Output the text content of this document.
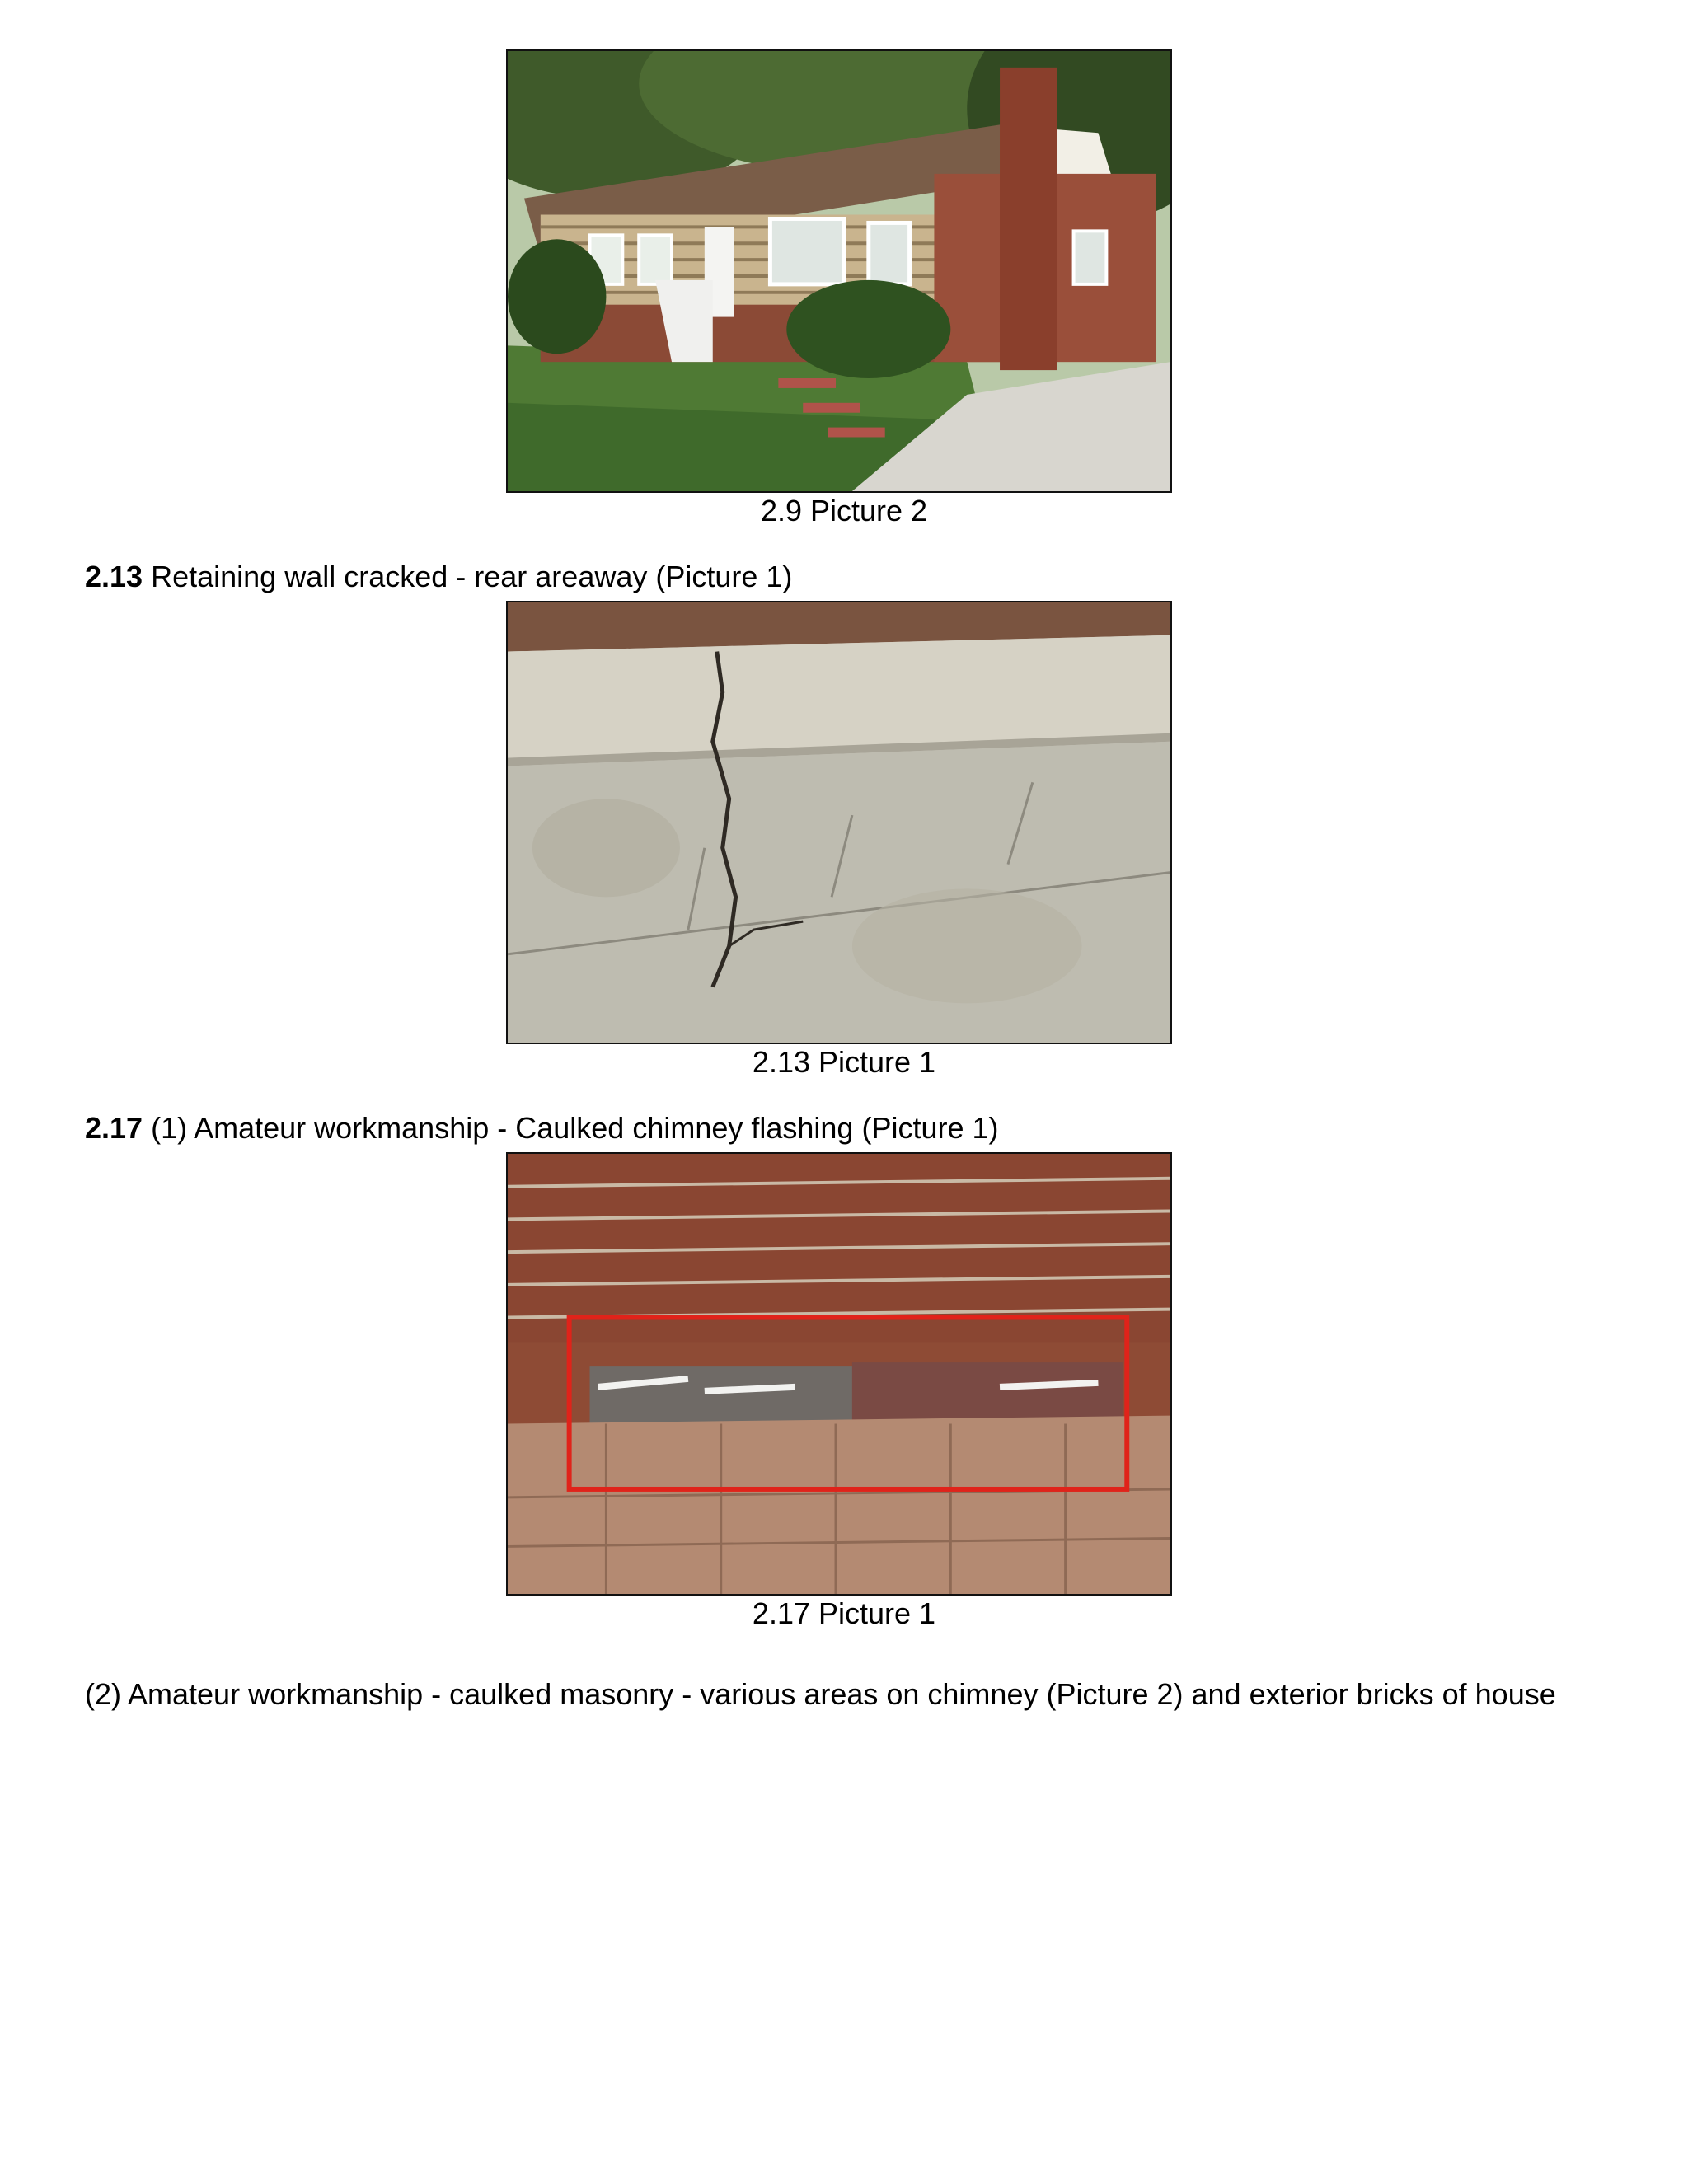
2.9 Picture 2
2.13 Retaining wall cracked - rear areaway (Picture 1)
2.13 Picture 1
2.17 (1) Amateur workmanship - Caulked chimney flashing (Picture 1)
2.17 Picture 1
(2) Amateur workmanship - caulked masonry - various areas on chimney (Picture 2) and exterior bricks of house
